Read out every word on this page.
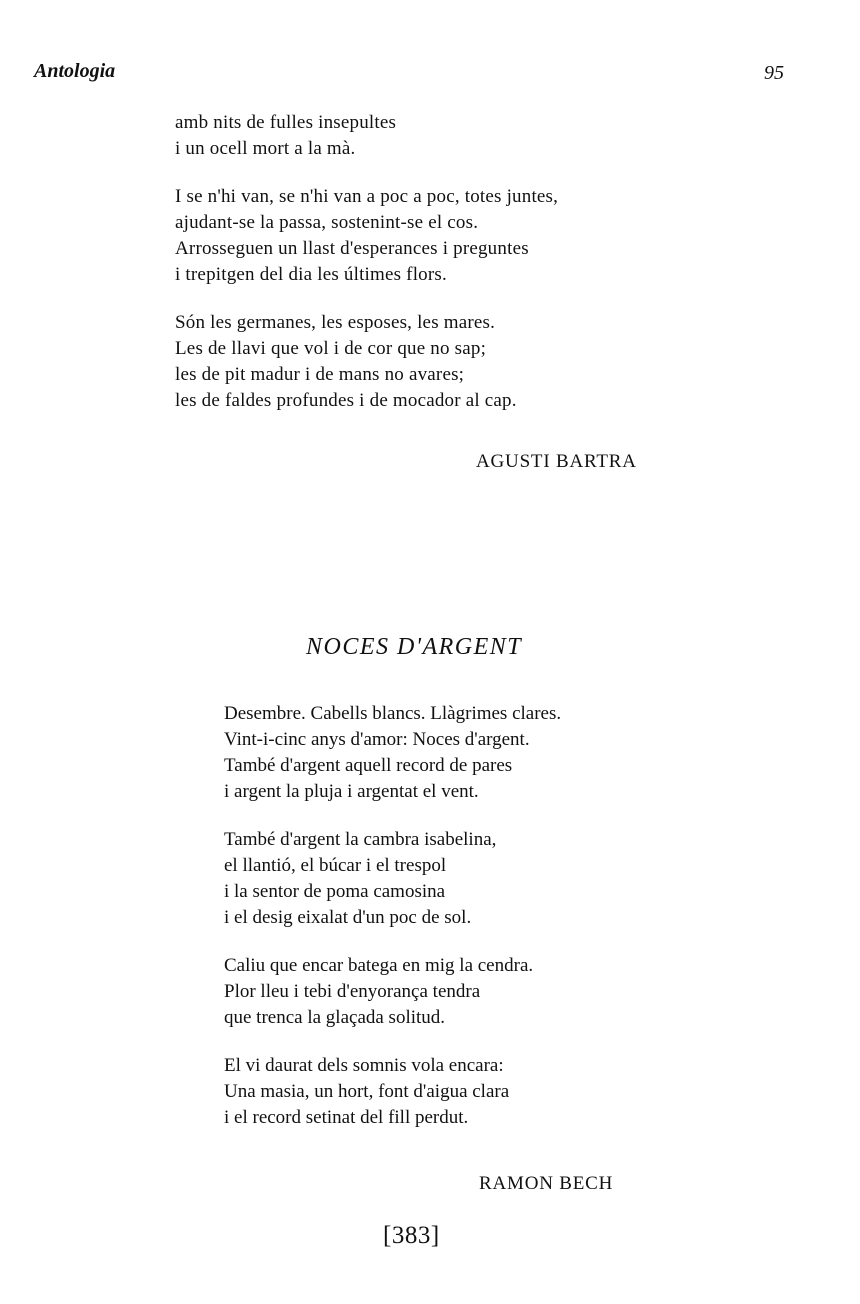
Antologia	95
amb nits de fulles insepultes
i un ocell mort a la mà.
I se n'hi van, se n'hi van a poc a poc, totes juntes,
ajudant-se la passa, sostenint-se el cos.
Arrosseguen un llast d'esperances i preguntes
i trepitgen del dia les últimes flors.
Són les germanes, les esposes, les mares.
Les de llavi que vol i de cor que no sap;
les de pit madur i de mans no avares;
les de faldes profundes i de mocador al cap.
AGUSTI BARTRA
NOCES D'ARGENT
Desembre. Cabells blancs. Llàgrimes clares.
Vint-i-cinc anys d'amor: Noces d'argent.
També d'argent aquell record de pares
i argent la pluja i argentat el vent.
També d'argent la cambra isabelina,
el llantió, el búcar i el trespol
i la sentor de poma camosina
i el desig eixalat d'un poc de sol.
Caliu que encar batega en mig la cendra.
Plor lleu i tebi d'enyorança tendra
que trenca la glaçada solitud.
El vi daurat dels somnis vola encara:
Una masia, un hort, font d'aigua clara
i el record setinat del fill perdut.
RAMON BECH
[383]
